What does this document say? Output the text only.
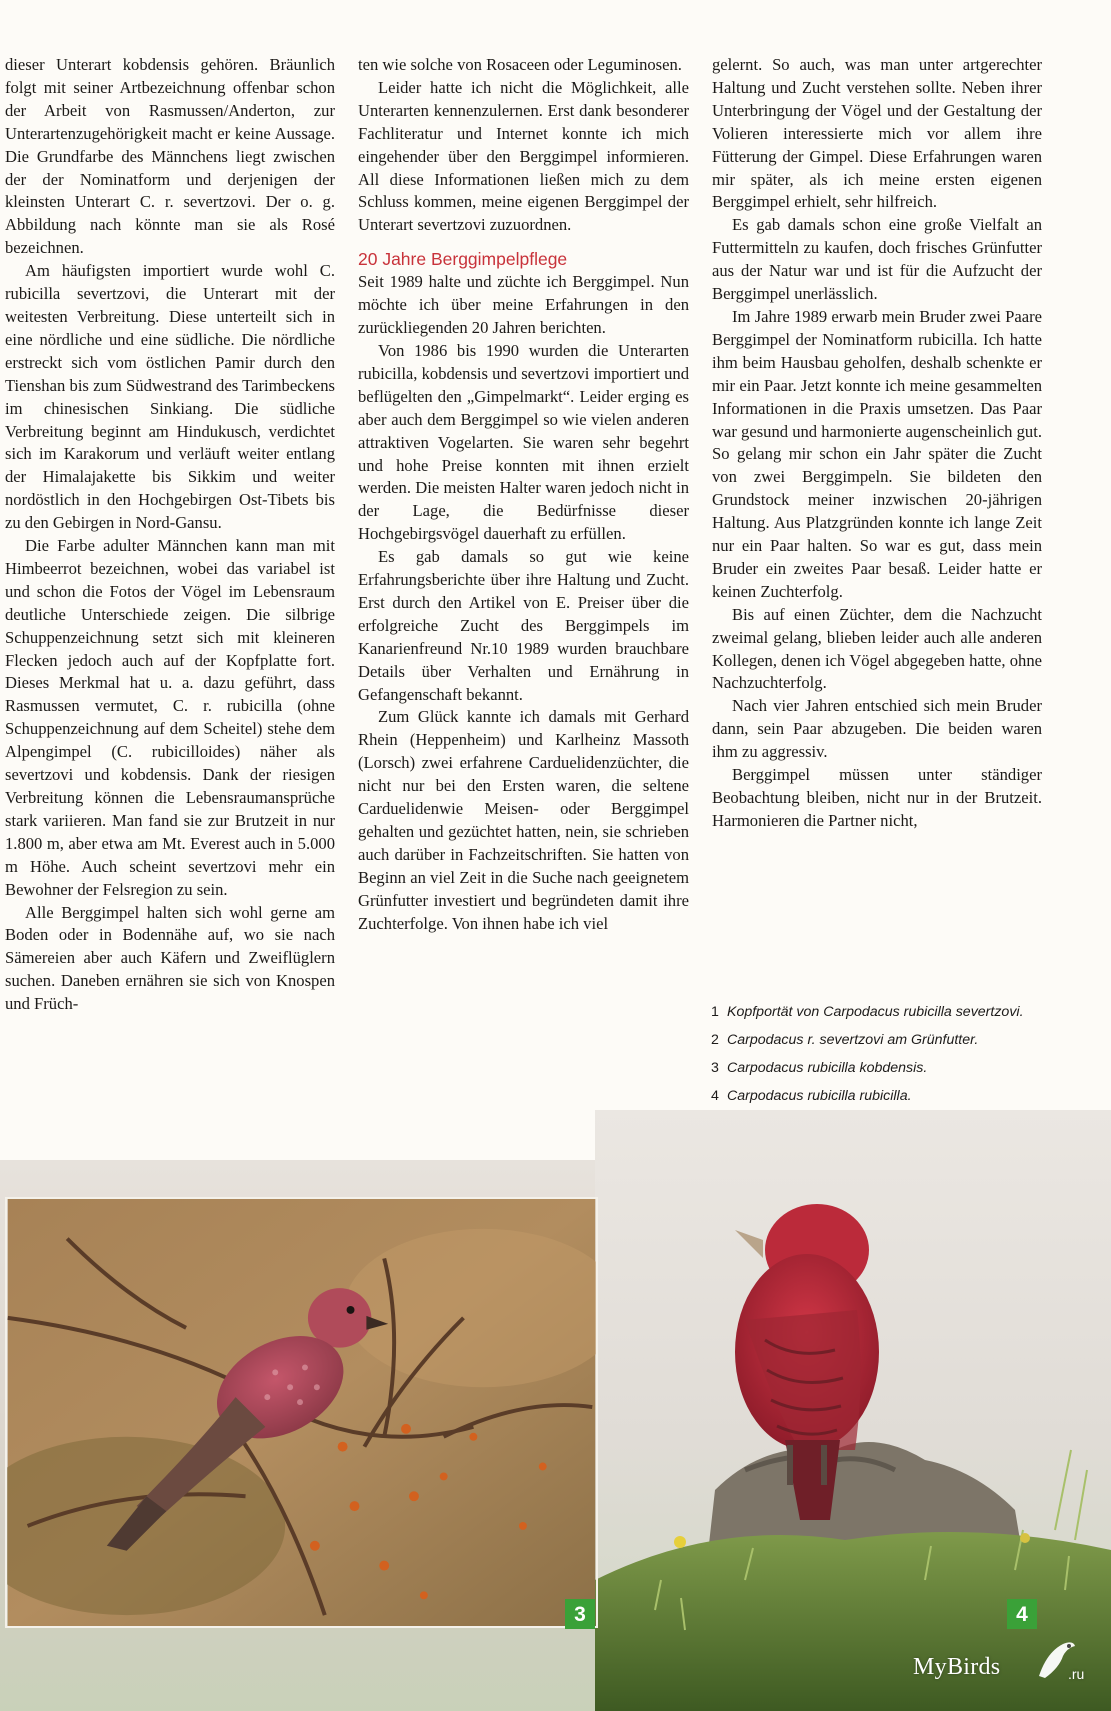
dieser Unterart kobdensis gehören. Bräunlich folgt mit seiner Artbezeichnung offenbar schon der Arbeit von Rasmussen/Anderton, zur Unterartenzugehörigkeit macht er keine Aussage. Die Grundfarbe des Männchens liegt zwischen der der Nominatform und derjenigen der kleinsten Unterart C. r. severtzovi. Der o. g. Abbildung nach könnte man sie als Rosé bezeichnen.

Am häufigsten importiert wurde wohl C. rubicilla severtzovi, die Unterart mit der weitesten Verbreitung. Diese unterteilt sich in eine nördliche und eine südliche. Die nördliche erstreckt sich vom östlichen Pamir durch den Tienshan bis zum Südwestrand des Tarimbeckens im chinesischen Sinkiang. Die südliche Verbreitung beginnt am Hindukusch, verdichtet sich im Karakorum und verläuft weiter entlang der Himalajakette bis Sikkim und weiter nordöstlich in den Hochgebirgen Ost-Tibets bis zu den Gebirgen in Nord-Gansu.

Die Farbe adulter Männchen kann man mit Himbeerrot bezeichnen, wobei das variabel ist und schon die Fotos der Vögel im Lebensraum deutliche Unterschiede zeigen. Die silbrige Schuppenzeichnung setzt sich mit kleineren Flecken jedoch auch auf der Kopfplatte fort. Dieses Merkmal hat u. a. dazu geführt, dass Rasmussen vermutet, C. r. rubicilla (ohne Schuppenzeichnung auf dem Scheitel) stehe dem Alpengimpel (C. rubicilloides) näher als severtzovi und kobdensis. Dank der riesigen Verbreitung können die Lebensraumansprüche stark variieren. Man fand sie zur Brutzeit in nur 1.800 m, aber etwa am Mt. Everest auch in 5.000 m Höhe. Auch scheint severtzovi mehr ein Bewohner der Felsregion zu sein.

Alle Berggimpel halten sich wohl gerne am Boden oder in Bodennähe auf, wo sie nach Sämereien aber auch Käfern und Zweiflüglern suchen. Daneben ernähren sie sich von Knospen und Früch-

ten wie solche von Rosaceen oder Leguminosen.

Leider hatte ich nicht die Möglichkeit, alle Unterarten kennenzulernen. Erst dank besonderer Fachliteratur und Internet konnte ich mich eingehender über den Berggimpel informieren. All diese Informationen ließen mich zu dem Schluss kommen, meine eigenen Berggimpel der Unterart severtzovi zuzuordnen.

20 Jahre Berggimpelpflege

Seit 1989 halte und züchte ich Berggimpel. Nun möchte ich über meine Erfahrungen in den zurückliegenden 20 Jahren berichten.

Von 1986 bis 1990 wurden die Unterarten rubicilla, kobdensis und severtzovi importiert und beflügelten den „Gimpelmarkt“. Leider erging es aber auch dem Berggimpel so wie vielen anderen attraktiven Vogelarten. Sie waren sehr begehrt und hohe Preise konnten mit ihnen erzielt werden. Die meisten Halter waren jedoch nicht in der Lage, die Bedürfnisse dieser Hochgebirgsvögel dauerhaft zu erfüllen.

Es gab damals so gut wie keine Erfahrungsberichte über ihre Haltung und Zucht. Erst durch den Artikel von E. Preiser über die erfolgreiche Zucht des Berggimpels im Kanarienfreund Nr.10 1989 wurden brauchbare Details über Verhalten und Ernährung in Gefangenschaft bekannt.

Zum Glück kannte ich damals mit Gerhard Rhein (Heppenheim) und Karlheinz Massoth (Lorsch) zwei erfahrene Carduelidenzüchter, die nicht nur bei den Ersten waren, die seltene Carduelidenwie Meisen- oder Berggimpel gehalten und gezüchtet hatten, nein, sie schrieben auch darüber in Fachzeitschriften. Sie hatten von Beginn an viel Zeit in die Suche nach geeignetem Grünfutter investiert und begründeten damit ihre Zuchterfolge. Von ihnen habe ich viel

gelernt. So auch, was man unter artgerechter Haltung und Zucht verstehen sollte. Neben ihrer Unterbringung der Vögel und der Gestaltung der Volieren interessierte mich vor allem ihre Fütterung der Gimpel. Diese Erfahrungen waren mir später, als ich meine ersten eigenen Berggimpel erhielt, sehr hilfreich.

Es gab damals schon eine große Vielfalt an Futtermitteln zu kaufen, doch frisches Grünfutter aus der Natur war und ist für die Aufzucht der Berggimpel unerlässlich.

Im Jahre 1989 erwarb mein Bruder zwei Paare Berggimpel der Nominatform rubicilla. Ich hatte ihm beim Hausbau geholfen, deshalb schenkte er mir ein Paar. Jetzt konnte ich meine gesammelten Informationen in die Praxis umsetzen. Das Paar war gesund und harmonierte augenscheinlich gut. So gelang mir schon ein Jahr später die Zucht von zwei Berggimpeln. Sie bildeten den Grundstock meiner inzwischen 20-jährigen Haltung. Aus Platzgründen konnte ich lange Zeit nur ein Paar halten. So war es gut, dass mein Bruder ein zweites Paar besaß. Leider hatte er keinen Zuchterfolg.

Bis auf einen Züchter, dem die Nachzucht zweimal gelang, blieben leider auch alle anderen Kollegen, denen ich Vögel abgegeben hatte, ohne Nachzuchterfolg.

Nach vier Jahren entschied sich mein Bruder dann, sein Paar abzugeben. Die beiden waren ihm zu aggressiv.

Berggimpel müssen unter ständiger Beobachtung bleiben, nicht nur in der Brutzeit. Harmonieren die Partner nicht,

1 Kopfportät von Carpodacus rubicilla severtzovi.
2 Carpodacus r. severtzovi am Grünfutter.
3 Carpodacus rubicilla kobdensis.
4 Carpodacus rubicilla rubicilla.
3	4
MyBirds	.ru
